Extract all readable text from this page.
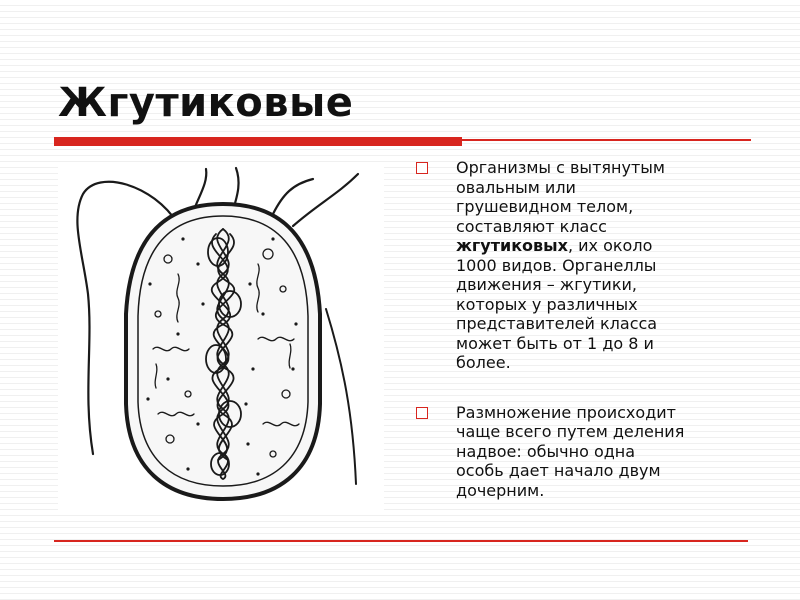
Жгутиковые
Организмы с вытянутым
овальным или
грушевидном телом,
составляют класс
жгутиковых, их около
1000 видов. Органеллы
движения – жгутики,
которых у различных
представителей класса
может быть от 1 до 8 и
более.
Размножение происходит
чаще всего путем деления
надвое: обычно одна
особь дает начало двум
дочерним.
